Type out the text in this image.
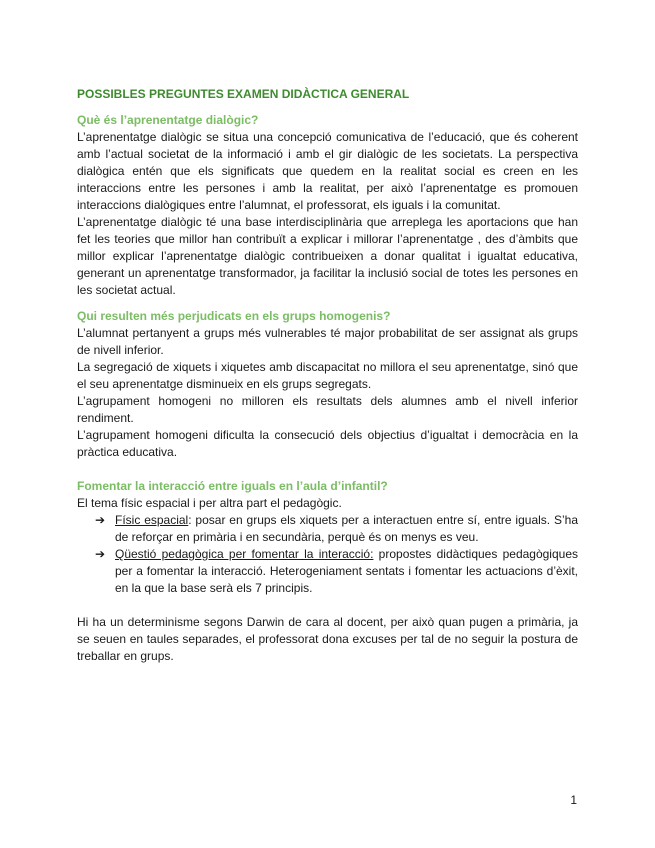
POSSIBLES PREGUNTES EXAMEN DIDÀCTICA GENERAL

Què és l’aprenentatge dialògic?

L’aprenentatge dialògic se situa una concepció comunicativa de l’educació, que és coherent amb l’actual societat de la informació i amb el gir dialògic de les societats. La perspectiva dialògica entén que els significats que quedem en la realitat social es creen en les interaccions entre les persones i amb la realitat, per això l’aprenentatge es promouen interaccions dialògiques entre l’alumnat, el professorat, els iguals i la comunitat.

L’aprenentatge dialògic té una base interdisciplinària que arreplega les aportacions que han fet les teories que millor han contribuït a explicar i millorar l’aprenentatge , des d’àmbits que millor explicar l’aprenentatge dialògic contribueixen a donar qualitat i igualtat educativa, generant un aprenentatge transformador, ja facilitar la inclusió social de totes les persones en les societat actual.

Qui resulten més perjudicats en els grups homogenis?

L’alumnat pertanyent a grups més vulnerables té major probabilitat de ser assignat als grups de nivell inferior.

La segregació de xiquets i xiquetes amb discapacitat no millora el seu aprenentatge, sinó que el seu aprenentatge disminueix en els grups segregats.

L’agrupament homogeni no milloren els resultats dels alumnes amb el nivell inferior rendiment.

L’agrupament homogeni dificulta la consecució dels objectius d’igualtat i democràcia en la pràctica educativa.

Fomentar la interacció entre iguals en l’aula d’infantil?

El tema físic espacial i per altra part el pedagògic.

➔ Físic espacial: posar en grups els xiquets per a interactuen entre sí, entre iguals. S’ha de reforçar en primària i en secundària, perquè és on menys es veu.
➔ Qüestió pedagògica per fomentar la interacció: propostes didàctiques pedagògiques per a fomentar la interacció. Heterogeniament sentats i fomentar les actuacions d’èxit, en la que la base serà els 7 principis.

Hi ha un determinisme segons Darwin de cara al docent, per això quan pugen a primària, ja se seuen en taules separades, el professorat dona excuses per tal de no seguir la postura de treballar en grups.

1
